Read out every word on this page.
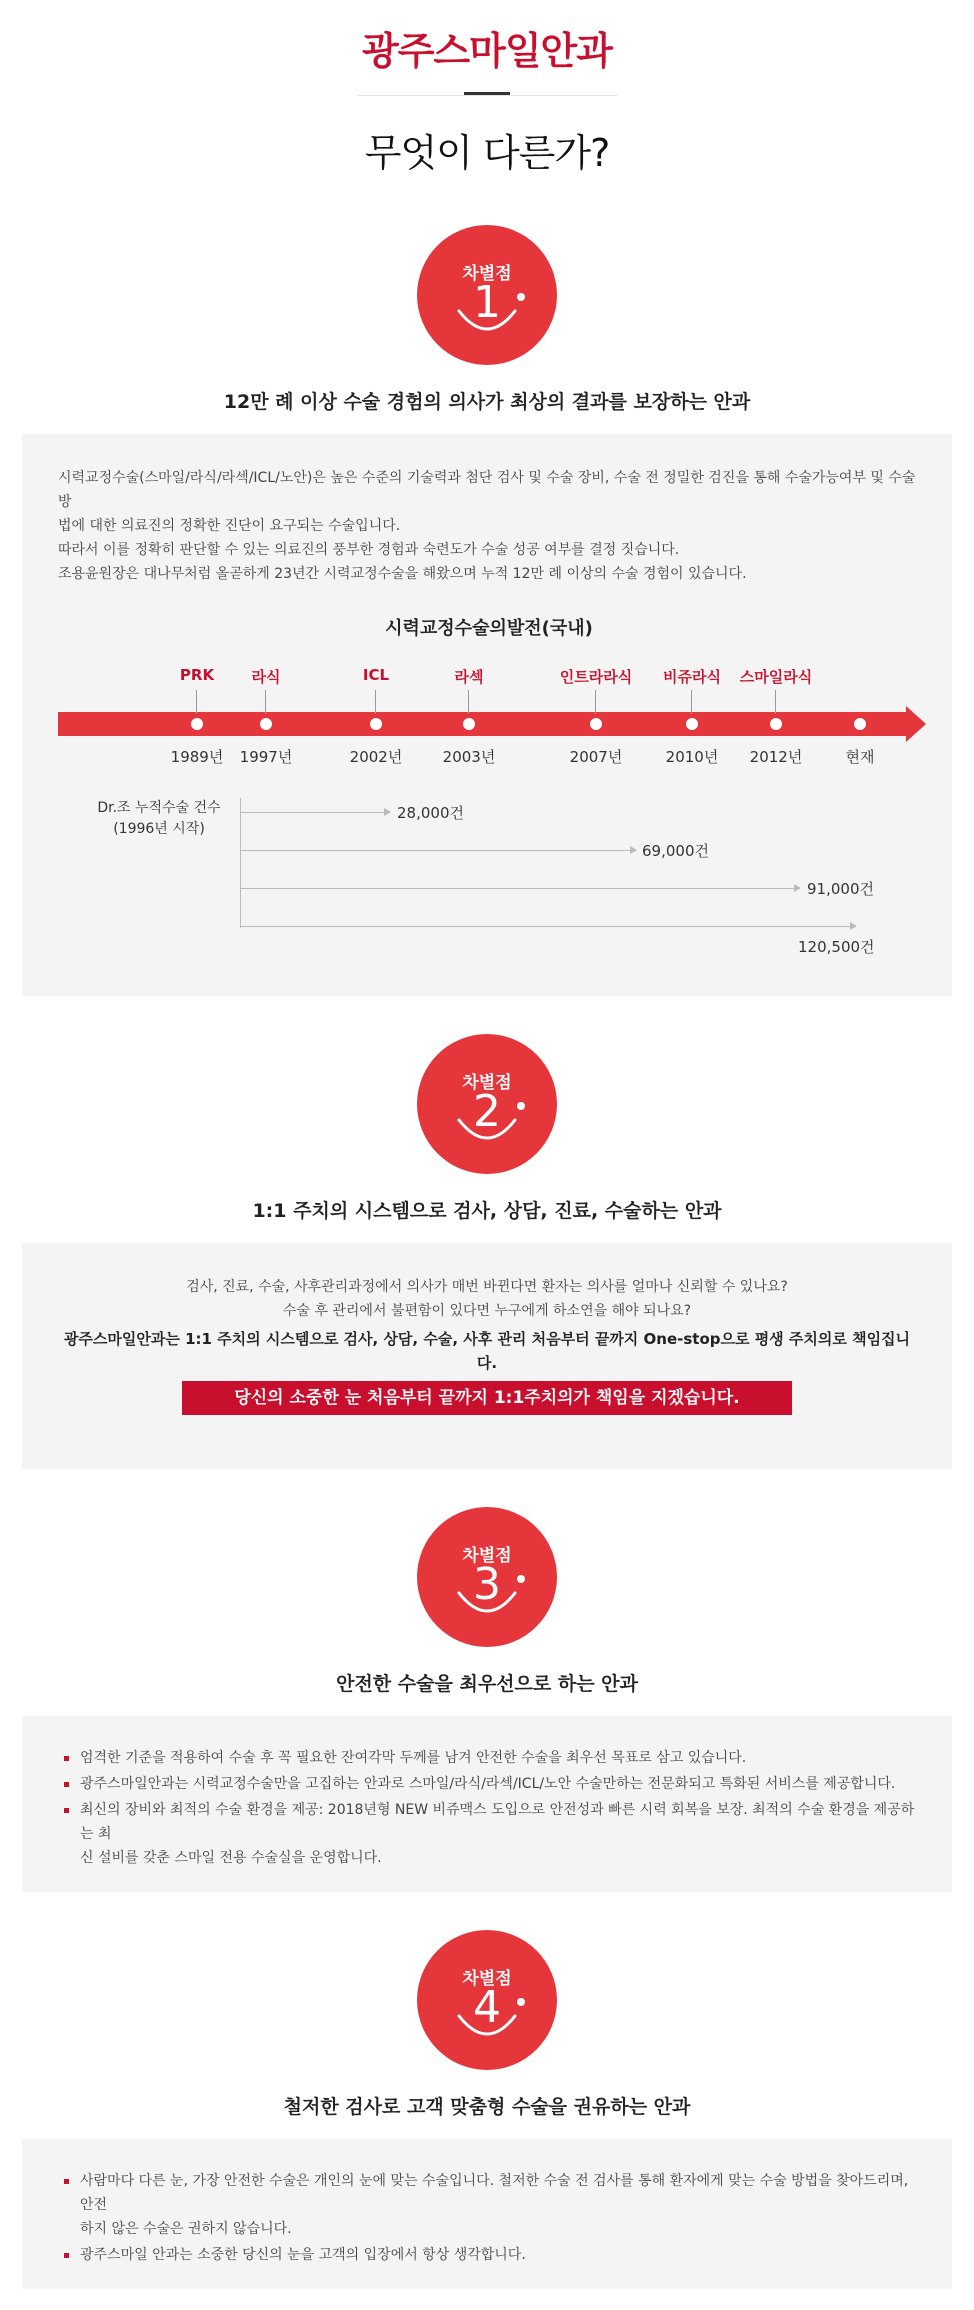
광주스마일안과
무엇이 다른가?
차별점
1
12만 례 이상 수술 경험의 의사가 최상의 결과를 보장하는 안과
시력교정수술(스마일/라식/라섹/ICL/노안)은 높은 수준의 기술력과 첨단 검사 및 수술 장비, 수술 전 정밀한 검진을 통해 수술가능여부 및 수술방
법에 대한 의료진의 정확한 진단이 요구되는 수술입니다.
따라서 이를 정확히 판단할 수 있는 의료진의 풍부한 경험과 숙련도가 수술 성공 여부를 결정 짓습니다.
조용윤원장은 대나무처럼 올곧하게 23년간 시력교정수술을 해왔으며 누적 12만 례 이상의 수술 경험이 있습니다.
시력교정수술의발전(국내)
PRK
1989년
라식
1997년
ICL
2002년
라섹
2003년
인트라라식
2007년
비쥬라식
2010년
스마일라식
2012년	현재
Dr.조 누적수술 건수
(1996년 시작)
28,000건
69,000건
91,000건
120,500건
차별점
2
1:1 주치의 시스템으로 검사, 상담, 진료, 수술하는 안과
검사, 진료, 수술, 사후관리과정에서 의사가 매번 바뀐다면 환자는 의사를 얼마나 신뢰할 수 있나요?
수술 후 관리에서 불편함이 있다면 누구에게 하소연을 해야 되나요?
광주스마일안과는 1:1 주치의 시스템으로 검사, 상담, 수술, 사후 관리 처음부터 끝까지 One-stop으로 평생 주치의로 책임집니
다.
당신의 소중한 눈 처음부터 끝까지 1:1주치의가 책임을 지겠습니다.
차별점
3
안전한 수술을 최우선으로 하는 안과
엄격한 기준을 적용하여 수술 후 꼭 필요한 잔여각막 두께를 남겨 안전한 수술을 최우선 목표로 삼고 있습니다.
광주스마일안과는 시력교정수술만을 고집하는 안과로 스마일/라식/라섹/ICL/노안 수술만하는 전문화되고 특화된 서비스를 제공합니다.
최신의 장비와 최적의 수술 환경을 제공: 2018년형 NEW 비쥬맥스 도입으로 안전성과 빠른 시력 회복을 보장. 최적의 수술 환경을 제공하는 최
신 설비를 갖춘 스마일 전용 수술실을 운영합니다.
차별점
4
철저한 검사로 고객 맞춤형 수술을 권유하는 안과
사람마다 다른 눈, 가장 안전한 수술은 개인의 눈에 맞는 수술입니다. 철저한 수술 전 검사를 통해 환자에게 맞는 수술 방법을 찾아드리며, 안전
하지 않은 수술은 권하지 않습니다.
광주스마일 안과는 소중한 당신의 눈을 고객의 입장에서 항상 생각합니다.
